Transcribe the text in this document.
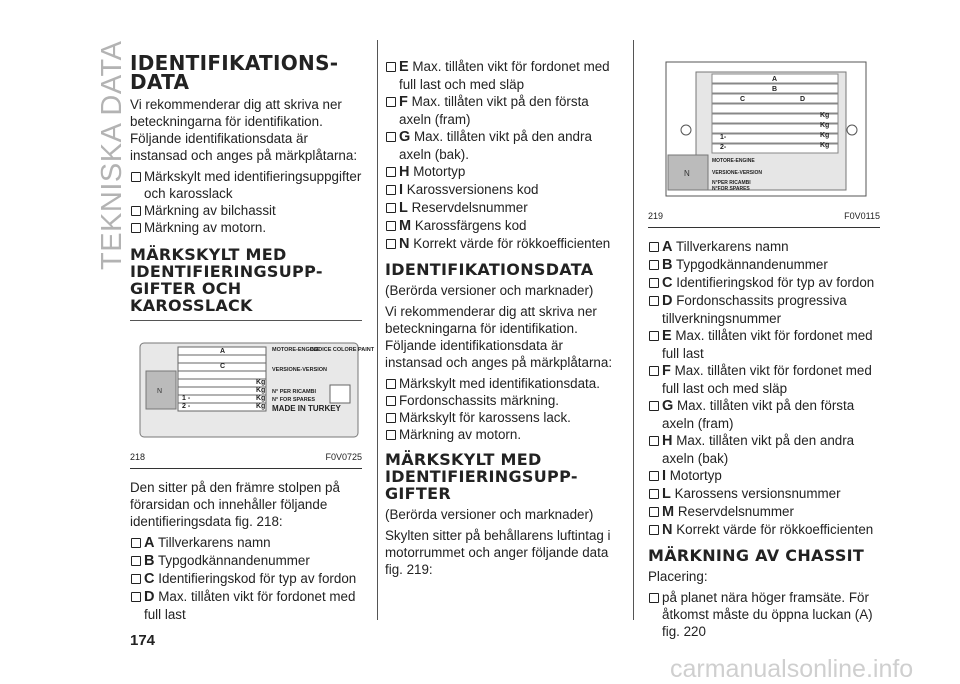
TEKNISKA DATA IDENTIFIKATIONS-DATA

Vi rekommenderar dig att skriva ner beteckningarna för identifikation. Följande identifikationsdata är instansad och anges på märkplåtarna:

Märkskylt med identifieringsuppgifter och karosslack
Märkning av bilchassit
Märkning av motorn.
MÄRKSKYLT MED IDENTIFIERINGSUPP-GIFTER OCH KAROSSLACK
N
A
C
Kg
Kg
Kg
Kg
1 -
2 -
MOTORE-ENGINE
CODICE COLORE PAINT
VERSIONE-VERSION
N° PER RICAMBI
N° FOR SPARES
MADE IN TURKEY
218	F0V0725

Den sitter på den främre stolpen på förarsidan och innehåller följande identifieringsdata fig. 218:

A Tillverkarens namn
B Typgodkännandenummer
C Identifieringskod för typ av fordon
D Max. tillåten vikt för fordonet med full last
E Max. tillåten vikt för fordonet med full last och med släp
F Max. tillåten vikt på den första axeln (fram)
G Max. tillåten vikt på den andra axeln (bak).
H Motortyp
I Karossversionens kod
L Reservdelsnummer
M Karossfärgens kod
N Korrekt värde för rökkoefficienten
IDENTIFIKATIONSDATA

(Berörda versioner och marknader)

Vi rekommenderar dig att skriva ner beteckningarna för identifikation. Följande identifikationsdata är instansad och anges på märkplåtarna:

Märkskylt med identifikationsdata.
Fordonschassits märkning.
Märkskylt för karossens lack.
Märkning av motorn.
MÄRKSKYLT MED IDENTIFIERINGSUPP-GIFTER

(Berörda versioner och marknader)

Skylten sitter på behållarens luftintag i motorrummet och anger följande data fig. 219:

N
A
B
C	D
Kg
Kg
Kg
Kg
1-
2-
MOTORE-ENGINE
VERSIONE-VERSION
N°PER RICAMBI
N°FOR SPARES
219	F0V0115
A Tillverkarens namn
B Typgodkännandenummer
C Identifieringskod för typ av fordon
D Fordonschassits progressiva tillverkningsnummer
E Max. tillåten vikt för fordonet med full last
F Max. tillåten vikt för fordonet med full last och med släp
G Max. tillåten vikt på den första axeln (fram)
H Max. tillåten vikt på den andra axeln (bak)
I Motortyp
L Karossens versionsnummer
M Reservdelsnummer
N Korrekt värde för rökkoefficienten
MÄRKNING AV CHASSIT

Placering:

på planet nära höger framsäte. För åtkomst måste du öppna luckan (A) fig. 220
174
carmanualsonline.info
